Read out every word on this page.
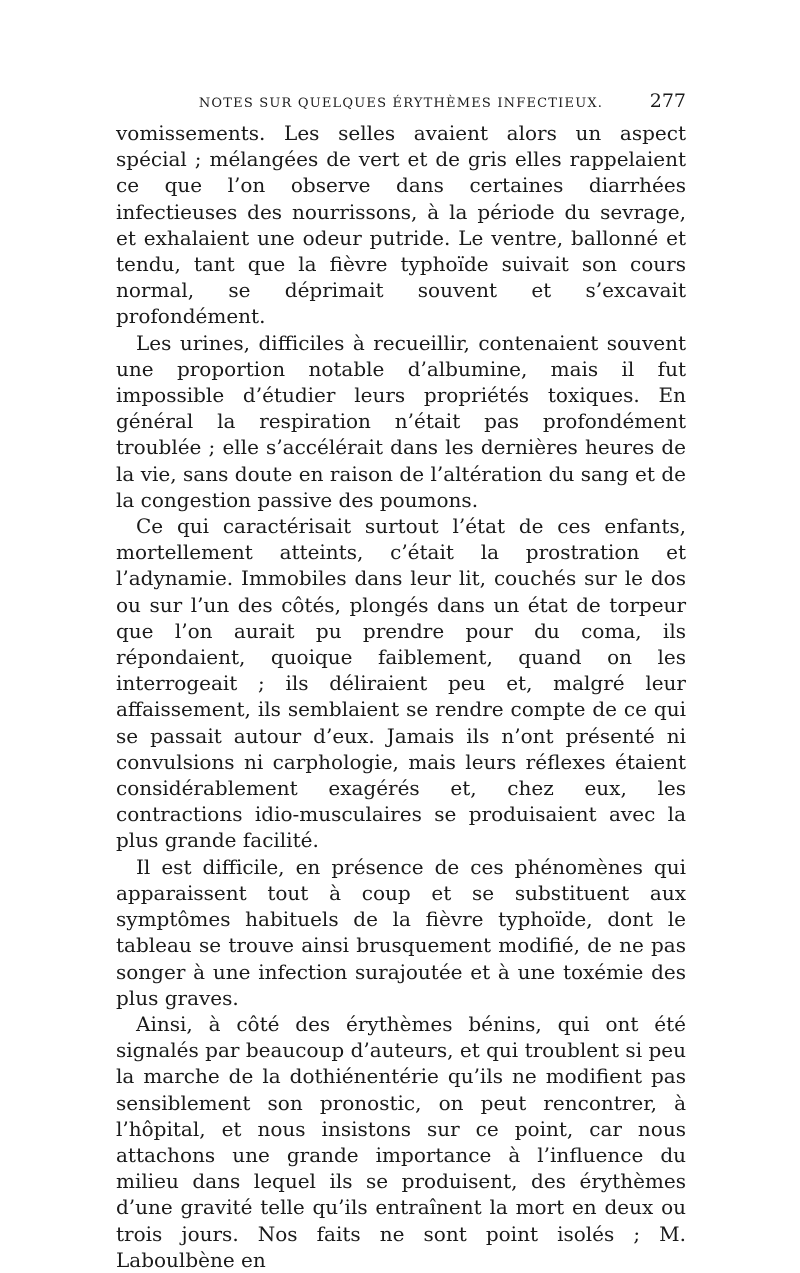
NOTES SUR QUELQUES ÉRYTHÈMES INFECTIEUX.	277

vomissements. Les selles avaient alors un aspect spécial ; mélangées de vert et de gris elles rappelaient ce que l’on observe dans certaines diarrhées infectieuses des nourrissons, à la période du sevrage, et exhalaient une odeur putride. Le ventre, ballonné et tendu, tant que la fièvre typhoïde suivait son cours normal, se déprimait souvent et s’excavait profondément.

Les urines, difficiles à recueillir, contenaient souvent une proportion notable d’albumine, mais il fut impossible d’étudier leurs propriétés toxiques. En général la respiration n’était pas profondément troublée ; elle s’accélérait dans les dernières heures de la vie, sans doute en raison de l’altération du sang et de la congestion passive des poumons.

Ce qui caractérisait surtout l’état de ces enfants, mortellement atteints, c’était la prostration et l’adynamie. Immobiles dans leur lit, couchés sur le dos ou sur l’un des côtés, plongés dans un état de torpeur que l’on aurait pu prendre pour du coma, ils répondaient, quoique faiblement, quand on les interrogeait ; ils déliraient peu et, malgré leur affaissement, ils semblaient se rendre compte de ce qui se passait autour d’eux. Jamais ils n’ont présenté ni convulsions ni carphologie, mais leurs réflexes étaient considérablement exagérés et, chez eux, les contractions idio-musculaires se produisaient avec la plus grande facilité.

Il est difficile, en présence de ces phénomènes qui apparaissent tout à coup et se substituent aux symptômes habituels de la fièvre typhoïde, dont le tableau se trouve ainsi brusquement modifié, de ne pas songer à une infection surajoutée et à une toxémie des plus graves.

Ainsi, à côté des érythèmes bénins, qui ont été signalés par beaucoup d’auteurs, et qui troublent si peu la marche de la dothiénentérie qu’ils ne modifient pas sensiblement son pronostic, on peut rencontrer, à l’hôpital, et nous insistons sur ce point, car nous attachons une grande importance à l’influence du milieu dans lequel ils se produisent, des érythèmes d’une gravité telle qu’ils entraînent la mort en deux ou trois jours. Nos faits ne sont point isolés ; M. Laboulbène en
